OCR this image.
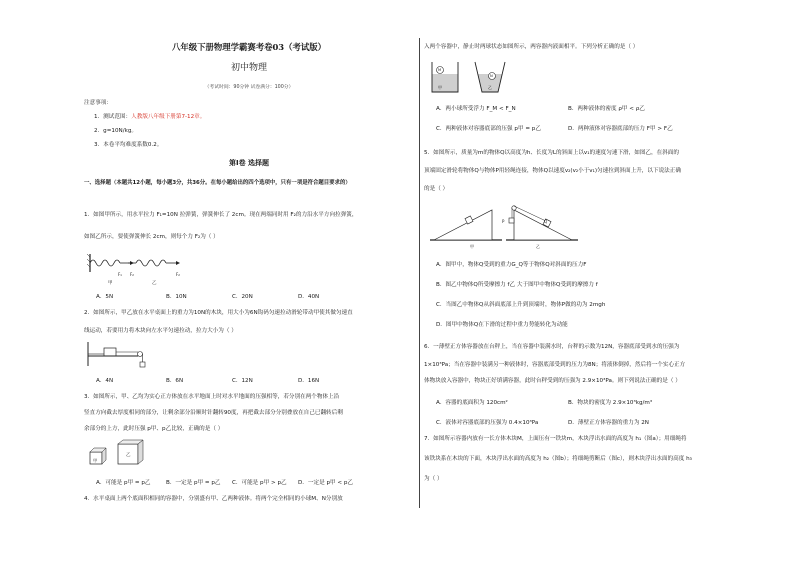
八年级下册物理学霸赛考卷03（考试版）
初中物理
（考试时间：90分钟 试卷满分：100分）
注意事项：
1．测试范围：人教版八年级下册第7-12章。
2．g=10N/kg。
3．本卷平均难度系数0.2。
第Ⅰ卷 选择题
一、选择题（本题共12小题，每小题3分，共36分。在每小题给出的四个选项中，只有一项是符合题目要求的）
1．如图甲所示，用水平拉力 F₁=10N 拉弹簧，弹簧伸长了 2cm。现在两端同时用 F₂的力沿水平方向拉弹簧，
如图乙所示，要使弹簧伸长 2cm，则每个力 F₂为（ ）
F₁ F₂	F₂
甲	乙
A．5N	B．10N	C．20N	D．40N
2．如图所示，甲乙放在水平桌面上的重力为10N的木块，用大小为6N钩码匀速拉动滑轮带动甲使其做匀速直
线运动，若要用力将木块向左水平匀速拉动，拉力大小为（ ）
A．4N	B．6N	C．12N	D．16N
3．如图所示，甲、乙均为实心正方体放在水平地面上时对水平地面的压强相等，若分别在两个物体上沿
竖直方向截去厚度相同的部分，让剩余部分沿顺时针翻转90度，再把截去部分分别叠放在自己已翻转后剩
余部分的上方，此时压强 p甲、p乙比较，正确的是（ ）
甲
乙
A．可能是 p甲 = p乙	B．一定是 p甲 = p乙 C．可能是 p甲 > p乙 D．一定是 p甲 < p乙
4．水平桌面上两个底面积相同的容器中，分别盛有甲、乙两种液体。将两个完全相同的小球M、N分别放
入两个容器中，静止时两球状态如图所示，两容器内液面相平。下列分析正确的是（ ）
M
N
甲	乙
A．两小球所受浮力 F_M < F_N	B．两种液体的密度 ρ甲 < ρ乙
C．两种液体对容器底部的压强 p甲 = p乙	D．两种液体对容器底部的压力 F甲 > F乙
5．如图所示，质量为m的物体Q以高度为h、长度为L的斜面上以v₁的速度匀速下滑，如图乙，在斜面的
顶端固定滑轮将物体Q与物体P用轻绳连接，物体Q以速度v₂(v₂小于v₁)匀速拉到斜面上升，以下说法正确
的是（ ）
甲	乙
P	Q
A．图甲中，物体Q受到的重力G_Q等于物体Q对斜面的压力F
B．图乙中物体Q所受摩擦力 f乙 大于图甲中物体Q受到的摩擦力 f
C．当图乙中物体Q从斜面底部上升到顶端时，物体P做的功为 2mgh
D．图甲中物体Q在下滑的过程中重力势能转化为动能
6．一薄壁正方体容器放在台秤上，当在容器中装满水时，台秤的示数为12N，容器底部受到水的压强为
1×10³Pa；当在容器中装满另一种液体时，容器底部受到的压力为8N；将液体倒掉，然后将一个实心正方
体物块放入容器中，物块正好填满容器，此时台秤受到的压强为 2.9×10³Pa。则下列说法正确的是（ ）
A．容器的底面积为 120cm²	B．物块的密度为 2.9×10³kg/m³
C．液体对容器底部的压强为 0.4×10³Pa	D．薄壁正方体容器的重力为 2N
7．如图所示容器内放有一长方体木块M，上面压有一铁块m，木块浮出水面的高度为 h₁（图a）；用细绳将
该铁块系在木块的下面，木块浮出水面的高度为 h₂（图b）；将细绳剪断后（图c），则木块浮出水面的高度 h₃
为（ ）
